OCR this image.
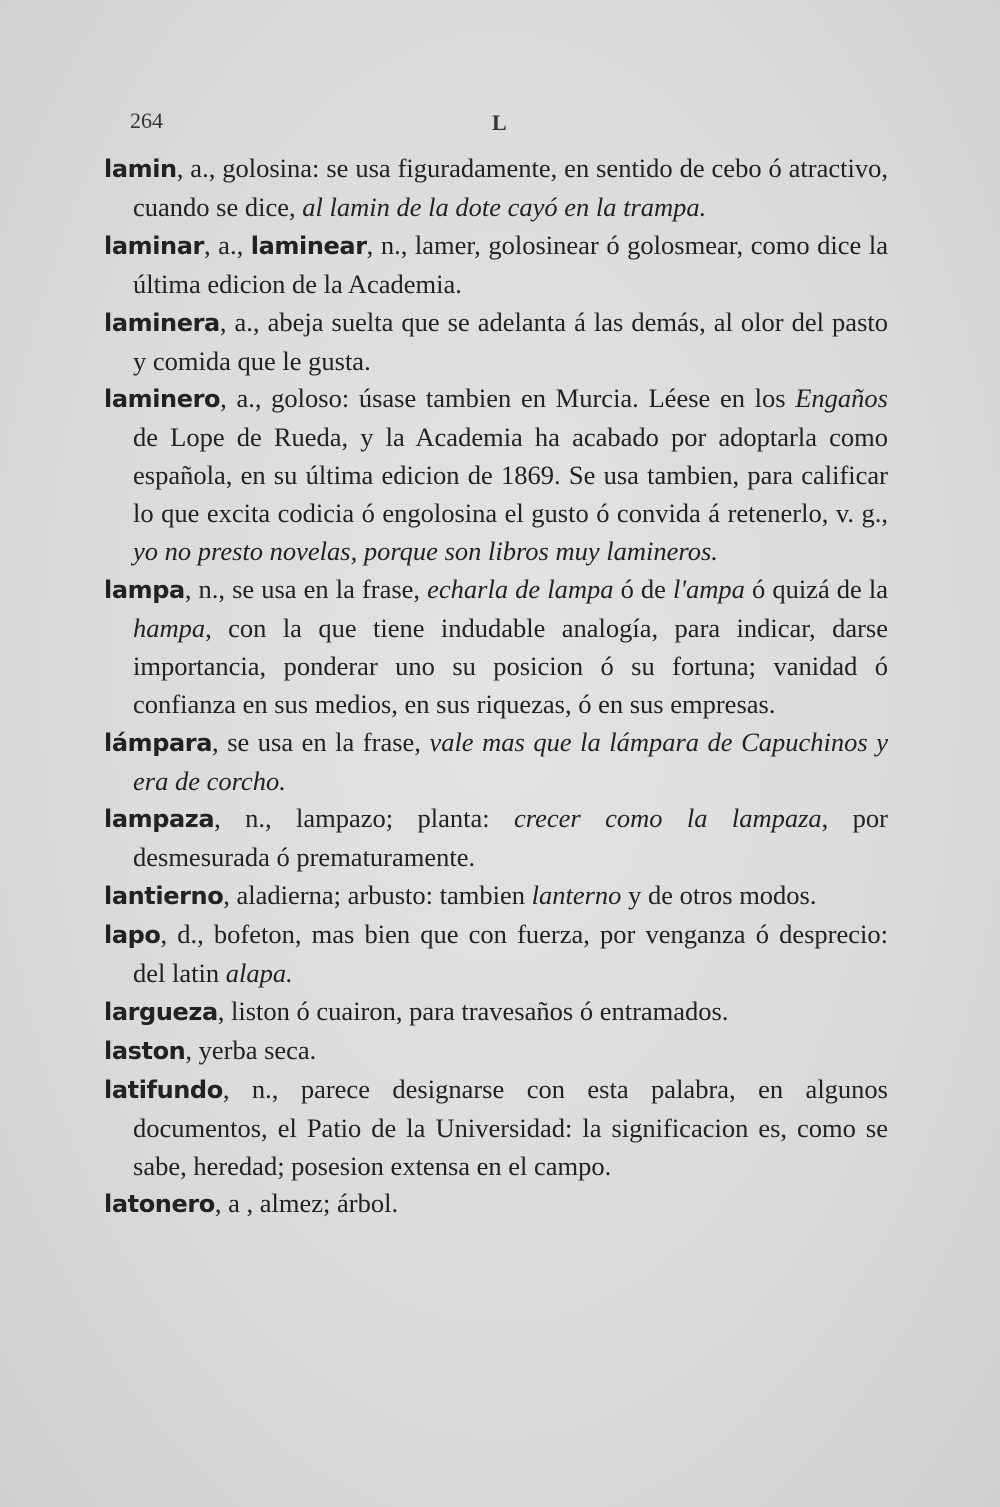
264	L

lamin, a., golosina: se usa figuradamente, en sentido de cebo ó atractivo, cuando se dice, al lamin de la dote cayó en la trampa.

laminar, a., laminear, n., lamer, golosinear ó golosmear, como dice la última edicion de la Academia.

laminera, a., abeja suelta que se adelanta á las demás, al olor del pasto y comida que le gusta.

laminero, a., goloso: úsase tambien en Murcia. Léese en los Engaños de Lope de Rueda, y la Academia ha acabado por adoptarla como española, en su última edicion de 1869. Se usa tambien, para calificar lo que excita codicia ó engolosina el gusto ó convida á retenerlo, v. g., yo no presto novelas, porque son libros muy lamineros.

lampa, n., se usa en la frase, echarla de lampa ó de l'ampa ó quizá de la hampa, con la que tiene indudable analogía, para indicar, darse importancia, ponderar uno su posicion ó su fortuna; vanidad ó confianza en sus medios, en sus riquezas, ó en sus empresas.

lámpara, se usa en la frase, vale mas que la lámpara de Capuchinos y era de corcho.

lampaza, n., lampazo; planta: crecer como la lampaza, por desmesurada ó prematuramente.

lantierno, aladierna; arbusto: tambien lanterno y de otros modos.

lapo, d., bofeton, mas bien que con fuerza, por venganza ó desprecio: del latin alapa.

largueza, liston ó cuairon, para travesaños ó entramados.

laston, yerba seca.

latifundo, n., parece designarse con esta palabra, en algunos documentos, el Patio de la Universidad: la significacion es, como se sabe, heredad; posesion extensa en el campo.

latonero, a , almez; árbol.
